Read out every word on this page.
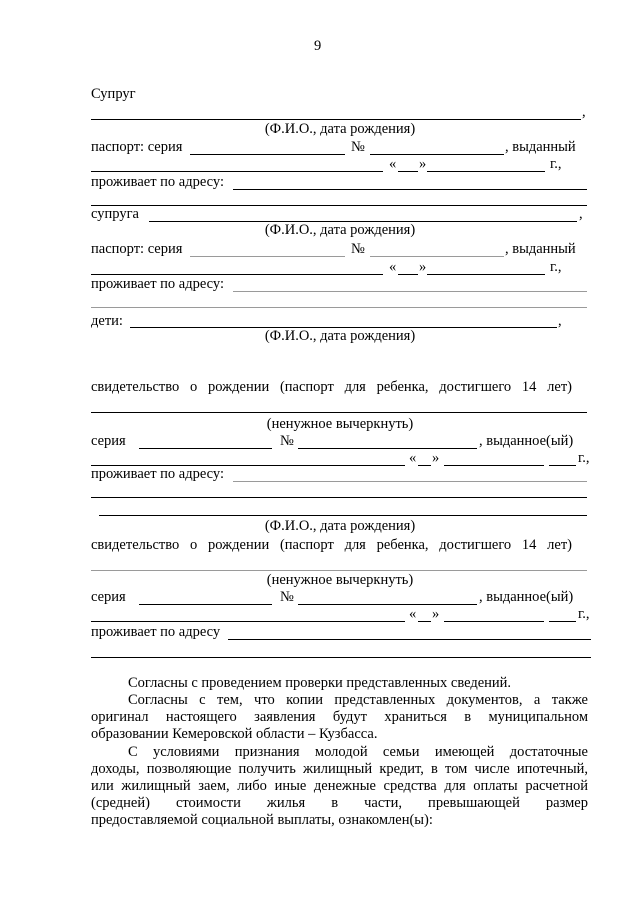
9
Супруг
,
(Ф.И.О., дата рождения)
паспорт: серия	№	, выданный
« »	г.,
проживает по адресу:
супруга	,
(Ф.И.О., дата рождения)
паспорт: серия	№	, выданный
« »	г.,
проживает по адресу:
дети:	,
(Ф.И.О., дата рождения)
свидетельство о рождении (паспорт для ребенка, достигшего 14 лет)
(ненужное вычеркнуть)
серия	№	, выданное(ый)
« »	г.,
проживает по адресу:
(Ф.И.О., дата рождения)
свидетельство о рождении (паспорт для ребенка, достигшего 14 лет)
(ненужное вычеркнуть)
серия	№	, выданное(ый)
« »	г.,
проживает по адресу
Согласны с проведением проверки представленных сведений.
Согласны с тем, что копии представленных документов, а также
оригинал настоящего заявления будут храниться в муниципальном
образовании Кемеровской области – Кузбасса.
С условиями признания молодой семьи имеющей достаточные
доходы, позволяющие получить жилищный кредит, в том числе ипотечный,
или жилищный заем, либо иные денежные средства для оплаты расчетной
(средней) стоимости жилья в части, превышающей размер
предоставляемой социальной выплаты, ознакомлен(ы):
